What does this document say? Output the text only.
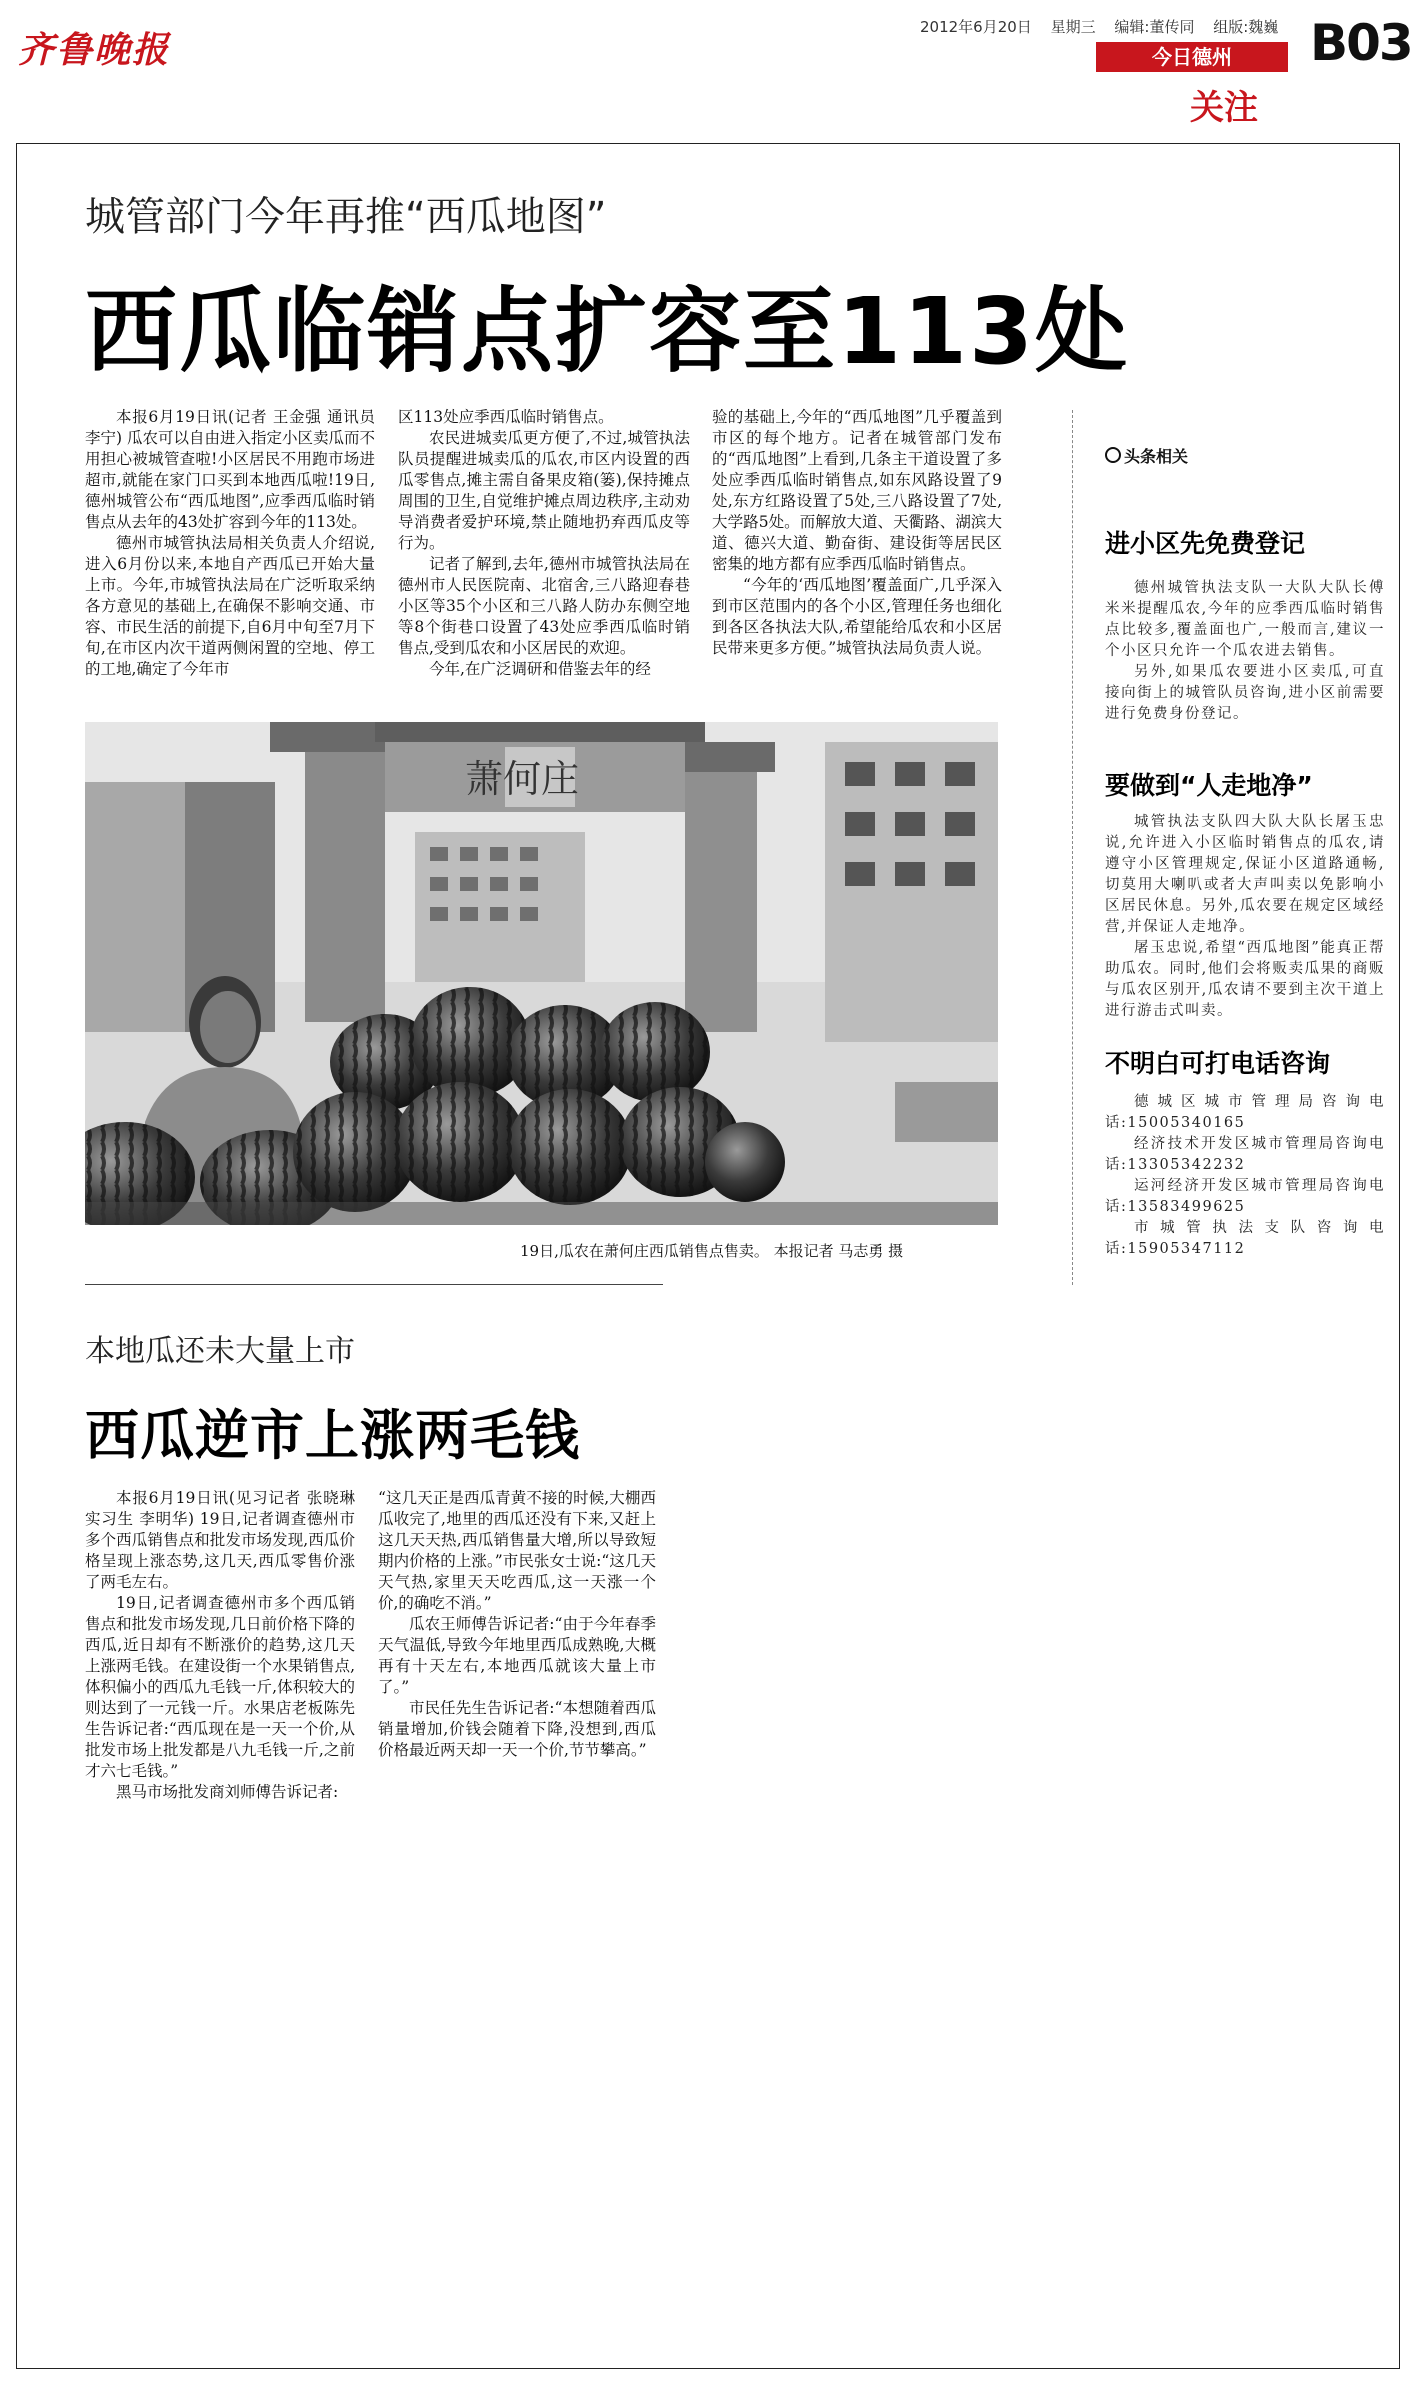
齐鲁晚报
2012年6月20日 星期三 编辑:董传同 组版:魏巍
今日德州
关注
B03
城管部门今年再推“西瓜地图”
西瓜临销点扩容至113处

本报6月19日讯(记者 王金强 通讯员 李宁) 瓜农可以自由进入指定小区卖瓜而不用担心被城管查啦!小区居民不用跑市场进超市,就能在家门口买到本地西瓜啦!19日,德州城管公布“西瓜地图”,应季西瓜临时销售点从去年的43处扩容到今年的113处。

德州市城管执法局相关负责人介绍说,进入6月份以来,本地自产西瓜已开始大量上市。今年,市城管执法局在广泛听取采纳各方意见的基础上,在确保不影响交通、市容、市民生活的前提下,自6月中旬至7月下旬,在市区内次干道两侧闲置的空地、停工的工地,确定了今年市

区113处应季西瓜临时销售点。

农民进城卖瓜更方便了,不过,城管执法队员提醒进城卖瓜的瓜农,市区内设置的西瓜零售点,摊主需自备果皮箱(篓),保持摊点周围的卫生,自觉维护摊点周边秩序,主动劝导消费者爱护环境,禁止随地扔弃西瓜皮等行为。

记者了解到,去年,德州市城管执法局在德州市人民医院南、北宿舍,三八路迎春巷小区等35个小区和三八路人防办东侧空地等8个街巷口设置了43处应季西瓜临时销售点,受到瓜农和小区居民的欢迎。

今年,在广泛调研和借鉴去年的经

验的基础上,今年的“西瓜地图”几乎覆盖到市区的每个地方。记者在城管部门发布的“西瓜地图”上看到,几条主干道设置了多处应季西瓜临时销售点,如东风路设置了9处,东方红路设置了5处,三八路设置了7处,大学路5处。而解放大道、天衢路、湖滨大道、德兴大道、勤奋街、建设街等居民区密集的地方都有应季西瓜临时销售点。

“今年的‘西瓜地图’覆盖面广,几乎深入到市区范围内的各个小区,管理任务也细化到各区各执法大队,希望能给瓜农和小区居民带来更多方便。”城管执法局负责人说。

萧何庄
19日,瓜农在萧何庄西瓜销售点售卖。 本报记者 马志勇 摄
本地瓜还未大量上市
西瓜逆市上涨两毛钱

本报6月19日讯(见习记者 张晓琳 实习生 李明华) 19日,记者调查德州市多个西瓜销售点和批发市场发现,西瓜价格呈现上涨态势,这几天,西瓜零售价涨了两毛左右。

19日,记者调查德州市多个西瓜销售点和批发市场发现,几日前价格下降的西瓜,近日却有不断涨价的趋势,这几天上涨两毛钱。在建设街一个水果销售点,体积偏小的西瓜九毛钱一斤,体积较大的则达到了一元钱一斤。水果店老板陈先生告诉记者:“西瓜现在是一天一个价,从批发市场上批发都是八九毛钱一斤,之前才六七毛钱。”

黑马市场批发商刘师傅告诉记者:

“这几天正是西瓜青黄不接的时候,大棚西瓜收完了,地里的西瓜还没有下来,又赶上这几天天热,西瓜销售量大增,所以导致短期内价格的上涨。”市民张女士说:“这几天天气热,家里天天吃西瓜,这一天涨一个价,的确吃不消。”

瓜农王师傅告诉记者:“由于今年春季天气温低,导致今年地里西瓜成熟晚,大概再有十天左右,本地西瓜就该大量上市了。”

市民任先生告诉记者:“本想随着西瓜销量增加,价钱会随着下降,没想到,西瓜价格最近两天却一天一个价,节节攀高。”

头条相关
进小区先免费登记

德州城管执法支队一大队大队长傅米米提醒瓜农,今年的应季西瓜临时销售点比较多,覆盖面也广,一般而言,建议一个小区只允许一个瓜农进去销售。

另外,如果瓜农要进小区卖瓜,可直接向街上的城管队员咨询,进小区前需要进行免费身份登记。

要做到“人走地净”

城管执法支队四大队大队长屠玉忠说,允许进入小区临时销售点的瓜农,请遵守小区管理规定,保证小区道路通畅,切莫用大喇叭或者大声叫卖以免影响小区居民休息。另外,瓜农要在规定区域经营,并保证人走地净。

屠玉忠说,希望“西瓜地图”能真正帮助瓜农。同时,他们会将贩卖瓜果的商贩与瓜农区别开,瓜农请不要到主次干道上进行游击式叫卖。

不明白可打电话咨询

德城区城市管理局咨询电话:15005340165

经济技术开发区城市管理局咨询电话:13305342232

运河经济开发区城市管理局咨询电话:13583499625

市城管执法支队咨询电话:15905347112
